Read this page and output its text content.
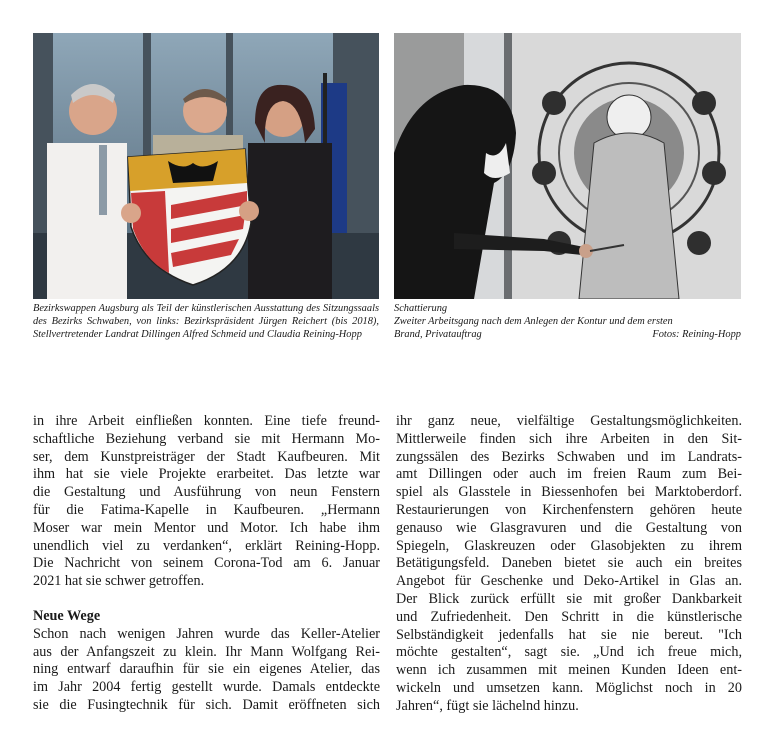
Bezirkswappen Augsburg als Teil der künstlerischen Ausstattung des Sitzungssaals des Bezirks Schwaben, von links: Bezirkspräsident Jürgen Reichert (bis 2018), Stellvertretender Landrat Dillingen Alfred Schmeid und Claudia Reining-Hopp
Schattierung
Zweiter Arbeitsgang nach dem Anlegen der Kontur und dem ersten
Brand, Privatauftrag	Fotos: Reining-Hopp

in ihre Arbeit einfließen konnten. Eine tiefe freund-
schaftliche Beziehung verband sie mit Hermann Mo-
ser, dem Kunstpreisträger der Stadt Kaufbeuren. Mit
ihm hat sie viele Projekte erarbeitet. Das letzte war
die Gestaltung und Ausführung von neun Fenstern
für die Fatima-Kapelle in Kaufbeuren. „Hermann
Moser war mein Mentor und Motor. Ich habe ihm
unendlich viel zu verdanken“, erklärt Reining-Hopp.
Die Nachricht von seinem Corona-Tod am 6. Januar
2021 hat sie schwer getroffen.

Neue Wege

Schon nach wenigen Jahren wurde das Keller-Atelier
aus der Anfangszeit zu klein. Ihr Mann Wolfgang Rei-
ning entwarf daraufhin für sie ein eigenes Atelier, das
im Jahr 2004 fertig gestellt wurde. Damals entdeckte
sie die Fusingtechnik für sich. Damit eröffneten sich

ihr ganz neue, vielfältige Gestaltungsmöglichkeiten.
Mittlerweile finden sich ihre Arbeiten in den Sit-
zungssälen des Bezirks Schwaben und im Landrats-
amt Dillingen oder auch im freien Raum zum Bei-
spiel als Glasstele in Biessenhofen bei Marktoberdorf.
Restaurierungen von Kirchenfenstern gehören heute
genauso wie Glasgravuren und die Gestaltung von
Spiegeln, Glaskreuzen oder Glasobjekten zu ihrem
Betätigungsfeld. Daneben bietet sie auch ein breites
Angebot für Geschenke und Deko-Artikel in Glas an.
Der Blick zurück erfüllt sie mit großer Dankbarkeit
und Zufriedenheit. Den Schritt in die künstlerische
Selbständigkeit jedenfalls hat sie nie bereut. "Ich
möchte gestalten“, sagt sie. „Und ich freue mich,
wenn ich zusammen mit meinen Kunden Ideen ent-
wickeln und umsetzen kann. Möglichst noch in 20
Jahren“, fügt sie lächelnd hinzu.
